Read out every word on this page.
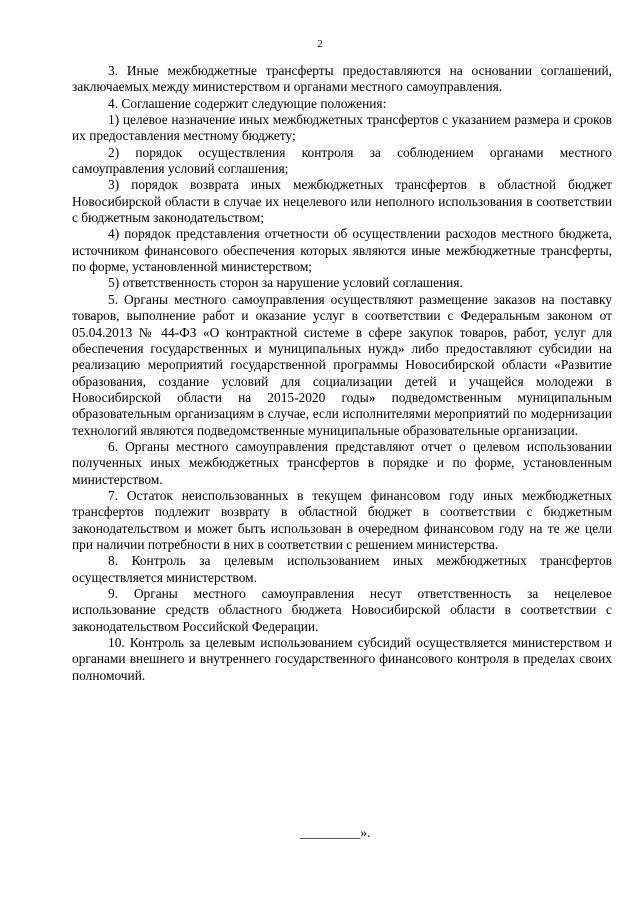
2

3. Иные межбюджетные трансферты предоставляются на основании соглашений, заключаемых между министерством и органами местного самоуправления.

4. Соглашение содержит следующие положения:

1) целевое назначение иных межбюджетных трансфертов с указанием размера и сроков их предоставления местному бюджету;

2) порядок осуществления контроля за соблюдением органами местного самоуправления условий соглашения;

3) порядок возврата иных межбюджетных трансфертов в областной бюджет Новосибирской области в случае их нецелевого или неполного использования в соответствии с бюджетным законодательством;

4) порядок представления отчетности об осуществлении расходов местного бюджета, источником финансового обеспечения которых являются иные межбюджетные трансферты, по форме, установленной министерством;

5) ответственность сторон за нарушение условий соглашения.

5. Органы местного самоуправления осуществляют размещение заказов на поставку товаров, выполнение работ и оказание услуг в соответствии с Федеральным законом от 05.04.2013 № 44-ФЗ «О контрактной системе в сфере закупок товаров, работ, услуг для обеспечения государственных и муниципальных нужд» либо предоставляют субсидии на реализацию мероприятий государственной программы Новосибирской области «Развитие образования, создание условий для социализации детей и учащейся молодежи в Новосибирской области на 2015-2020 годы» подведомственным муниципальным образовательным организациям в случае, если исполнителями мероприятий по модернизации технологий являются подведомственные муниципальные образовательные организации.

6. Органы местного самоуправления представляют отчет о целевом использовании полученных иных межбюджетных трансфертов в порядке и по форме, установленным министерством.

7. Остаток неиспользованных в текущем финансовом году иных межбюджетных трансфертов подлежит возврату в областной бюджет в соответствии с бюджетным законодательством и может быть использован в очередном финансовом году на те же цели при наличии потребности в них в соответствии с решением министерства.

8. Контроль за целевым использованием иных межбюджетных трансфертов осуществляется министерством.

9. Органы местного самоуправления несут ответственность за нецелевое использование средств областного бюджета Новосибирской области в соответствии с законодательством Российской Федерации.

10. Контроль за целевым использованием субсидий осуществляется министерством и органами внешнего и внутреннего государственного финансового контроля в пределах своих полномочий.

_________».
